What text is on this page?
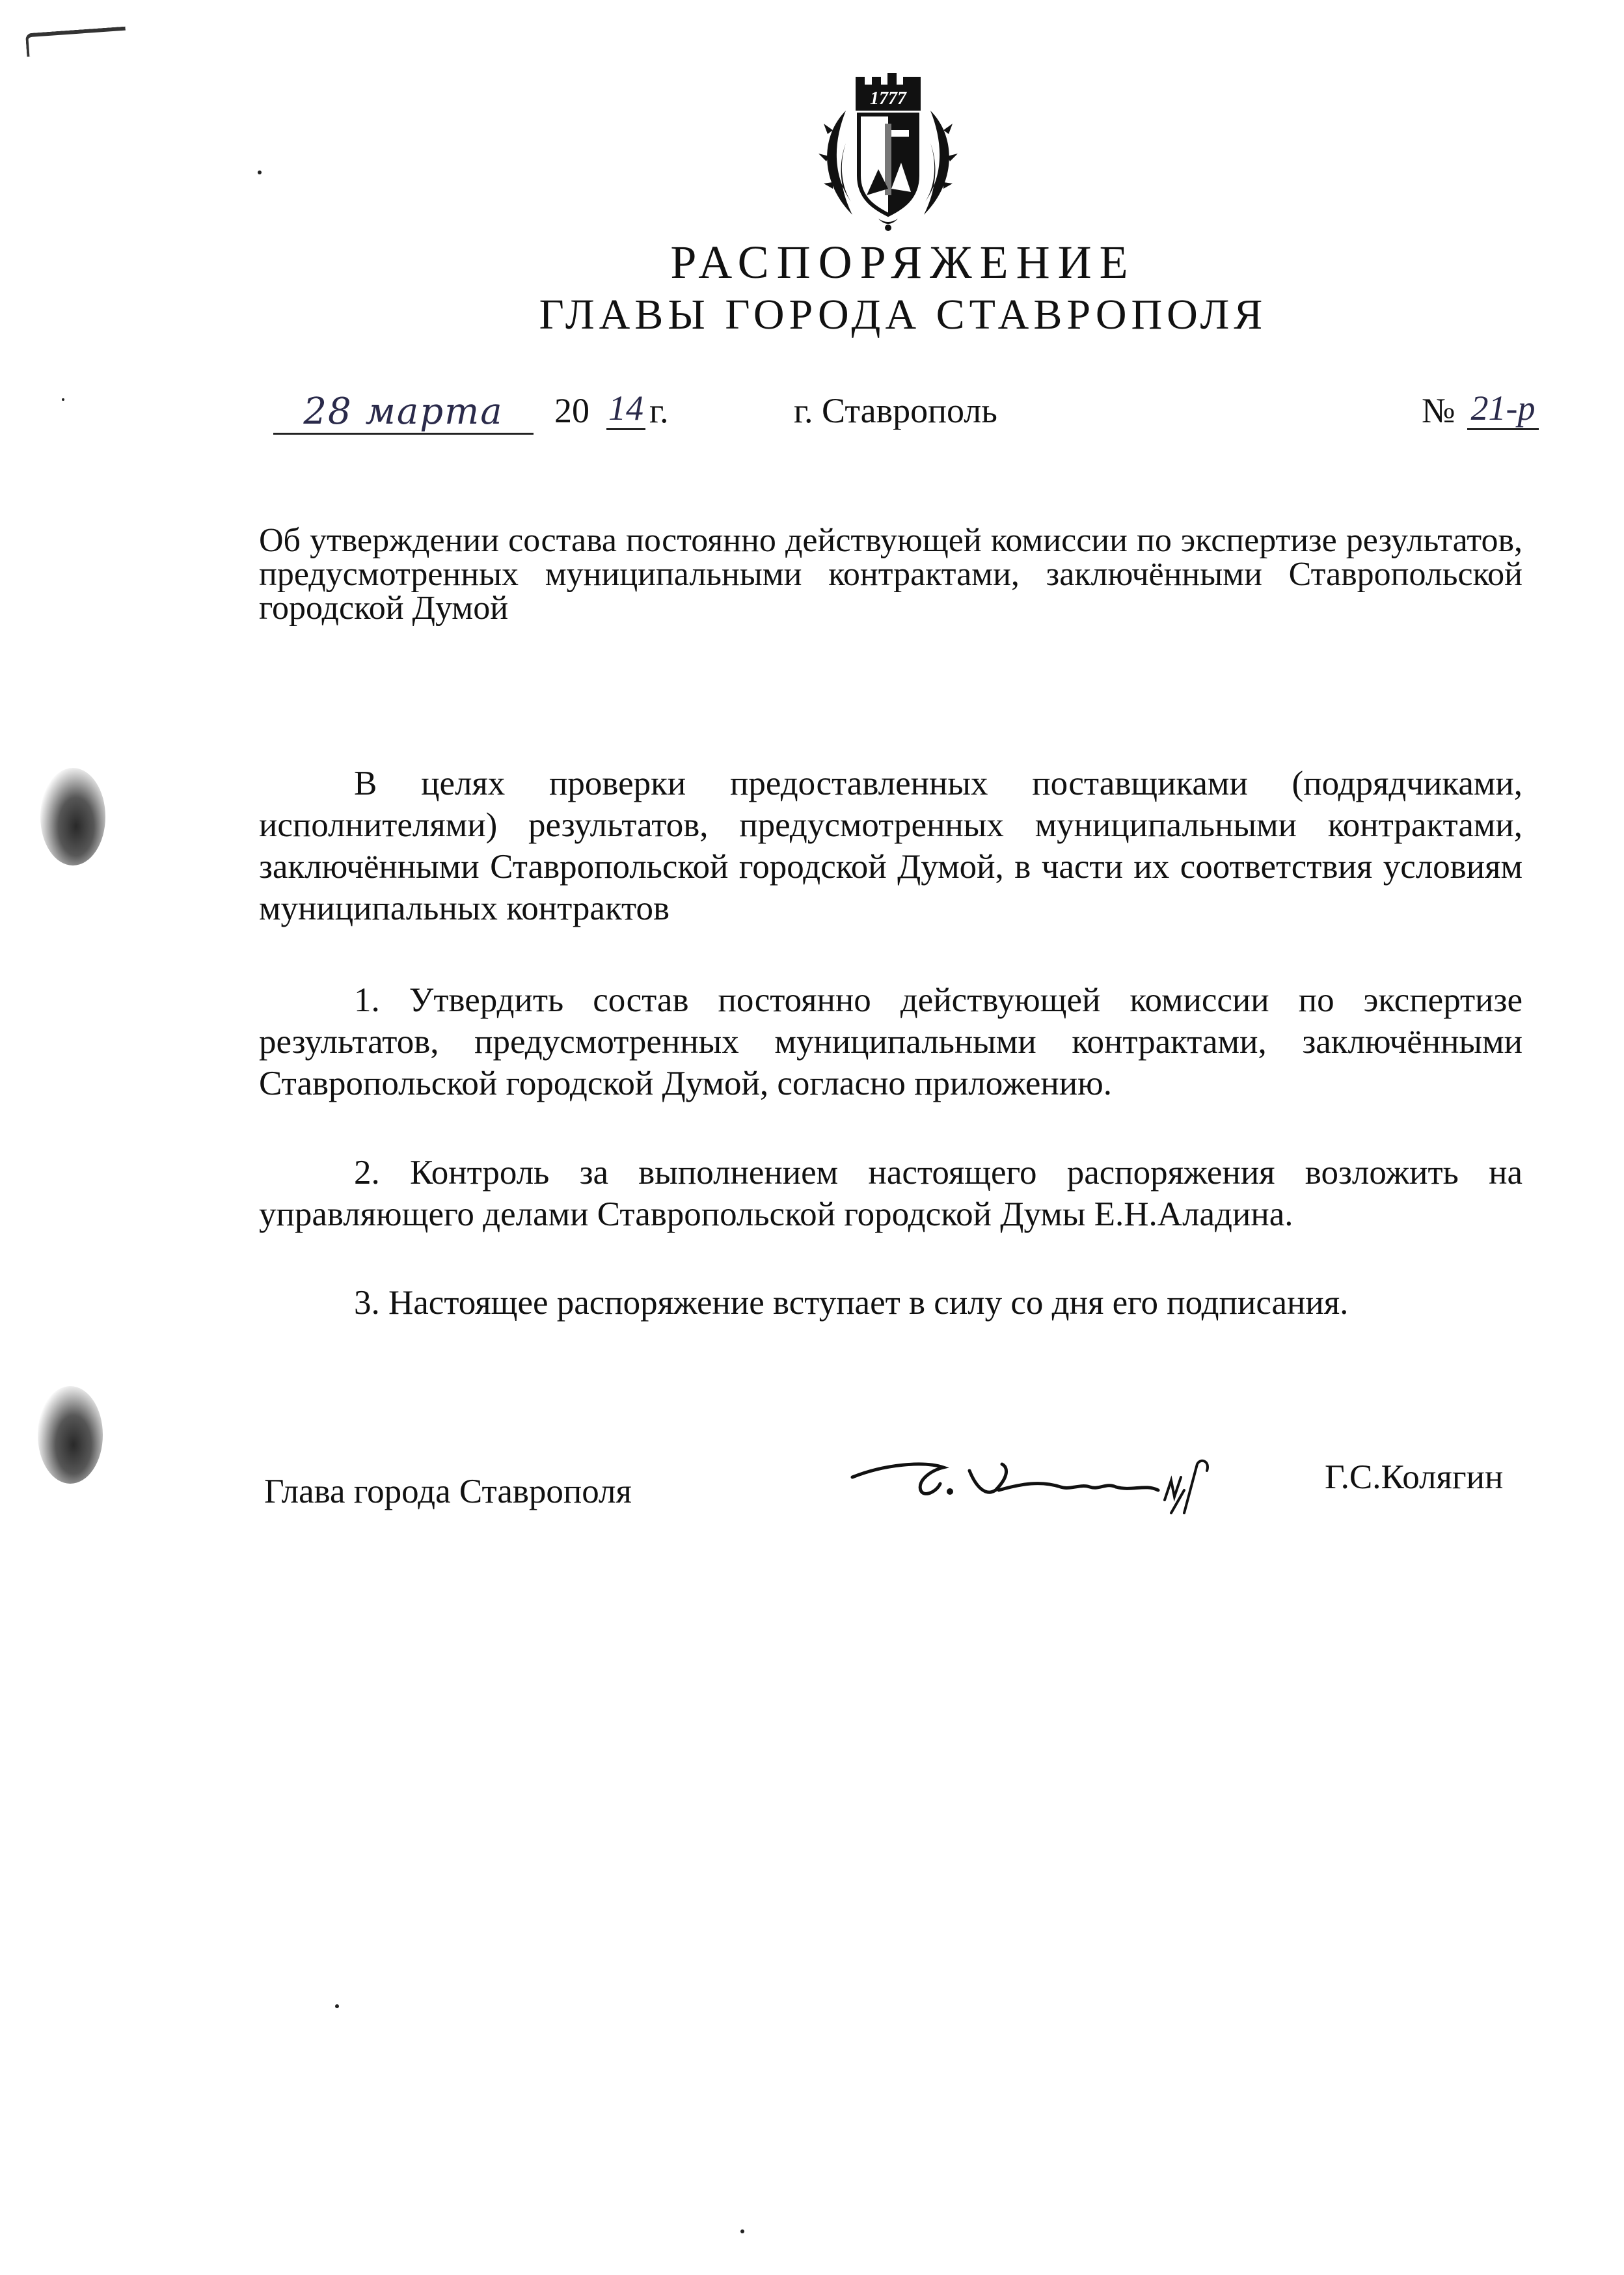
1777
РАСПОРЯЖЕНИЕ
ГЛАВЫ ГОРОДА СТАВРОПОЛЯ
28 марта	20 14 г.	г. Ставрополь	№ 21-р
Об утверждении состава постоянно действующей комиссии по экспертизе результатов, предусмотренных муниципальными контрактами, заключёнными Ставропольской городской Думой
В целях проверки предоставленных поставщиками (подрядчиками, исполнителями) результатов, предусмотренных муниципальными контрактами, заключёнными Ставропольской городской Думой, в части их соответствия условиям муниципальных контрактов
1. Утвердить состав постоянно действующей комиссии по экспертизе результатов, предусмотренных муниципальными контрактами, заключёнными Ставропольской городской Думой, согласно приложению.
2. Контроль за выполнением настоящего распоряжения возложить на управляющего делами Ставропольской городской Думы Е.Н.Аладина.
3. Настоящее распоряжение вступает в силу со дня его подписания.
Глава города Ставрополя	Г.С.Колягин
